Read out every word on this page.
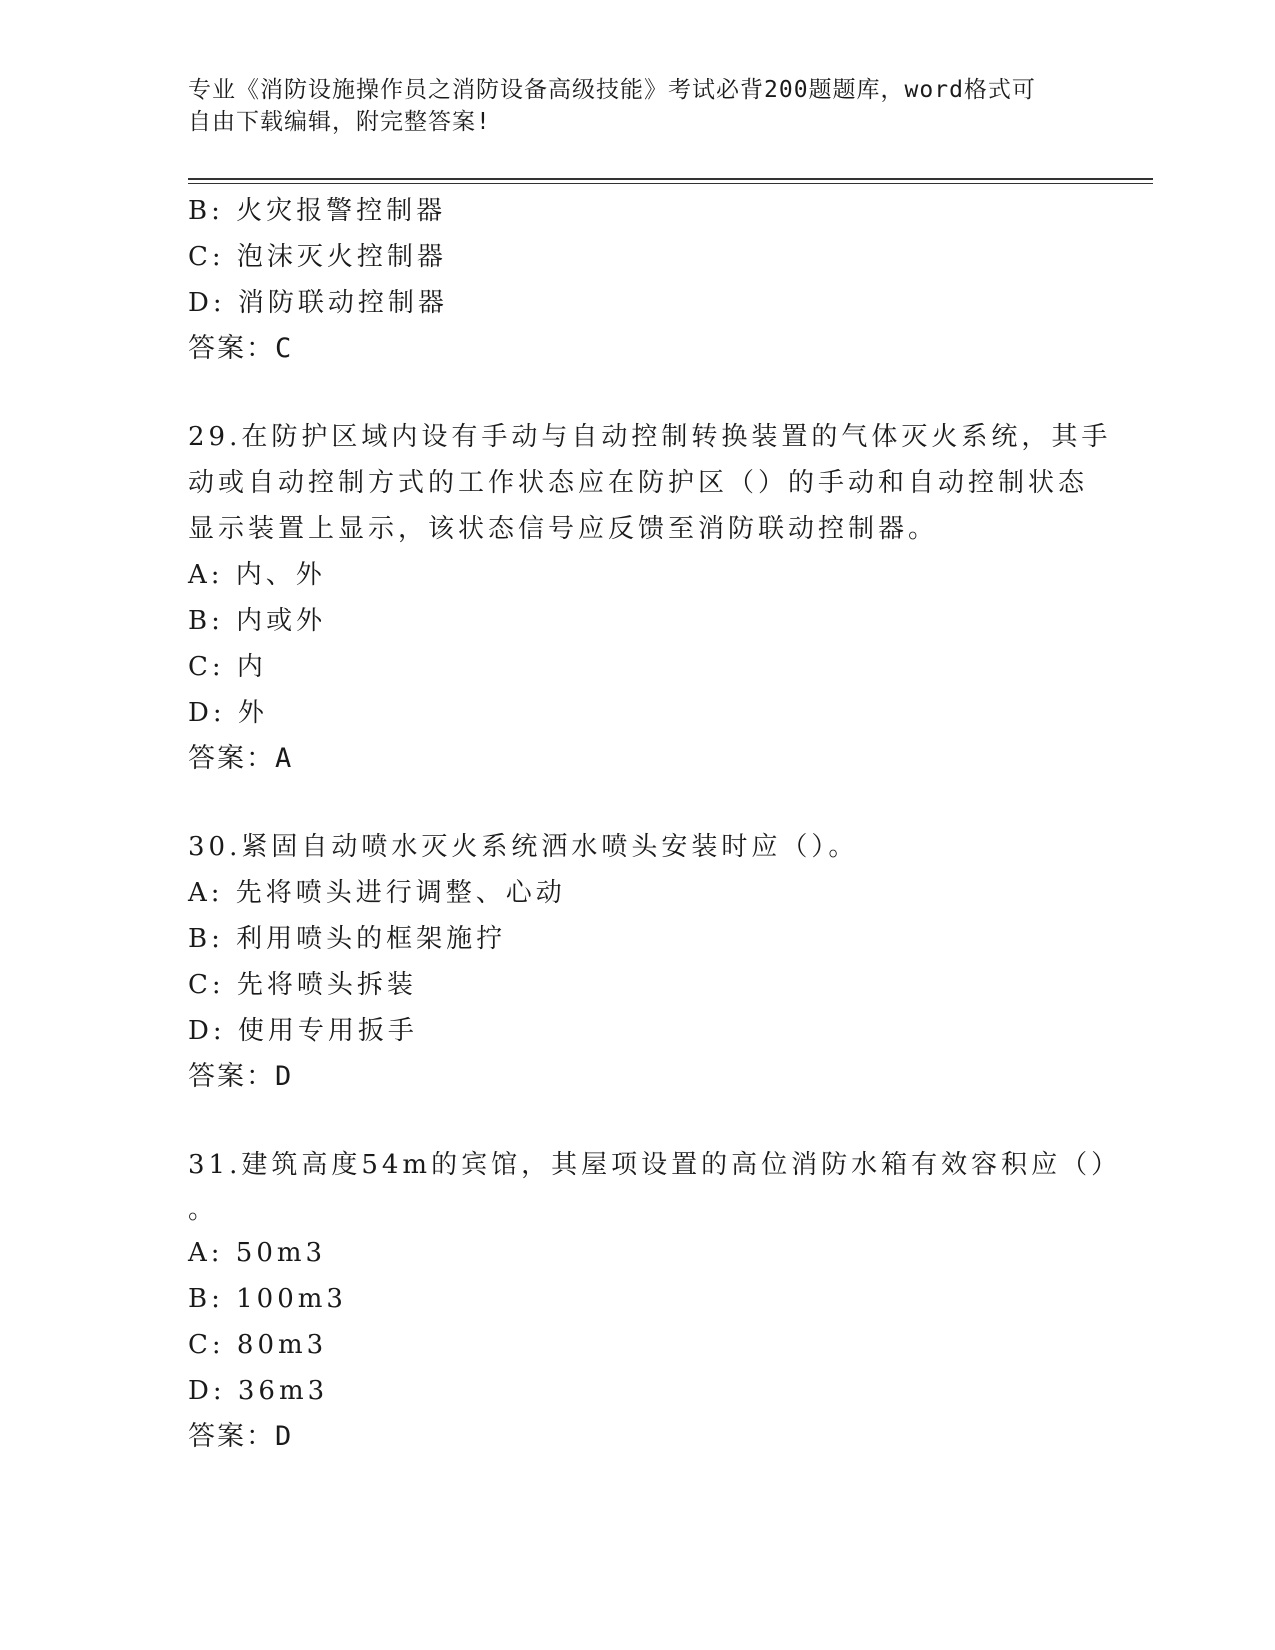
专业《消防设施操作员之消防设备高级技能》考试必背200题题库，word格式可
自由下载编辑，附完整答案!
B: 火灾报警控制器
C: 泡沫灭火控制器
D: 消防联动控制器
答案：C
29.在防护区域内设有手动与自动控制转换装置的气体灭火系统，其手
动或自动控制方式的工作状态应在防护区（）的手动和自动控制状态
显示装置上显示，该状态信号应反馈至消防联动控制器。
A: 内、外
B: 内或外
C: 内
D: 外
答案：A
30.紧固自动喷水灭火系统洒水喷头安装时应（）。
A: 先将喷头进行调整、心动
B: 利用喷头的框架施拧
C: 先将喷头拆装
D: 使用专用扳手
答案：D
31.建筑高度54m的宾馆，其屋项设置的高位消防水箱有效容积应（）
。
A: 50m3
B: 100m3
C: 80m3
D: 36m3
答案：D
